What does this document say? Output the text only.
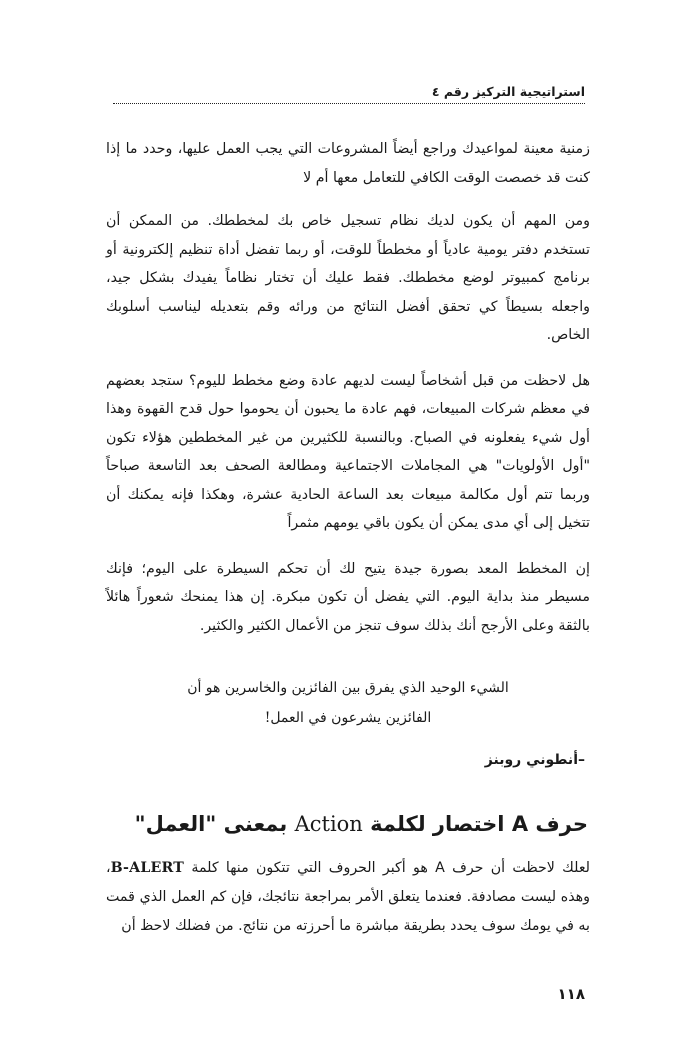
استراتيجية التركيز رقم ٤

زمنية معينة لمواعيدك وراجع أيضاً المشروعات التي يجب العمل عليها، وحدد ما إذا كنت قد خصصت الوقت الكافي للتعامل معها أم لا

ومن المهم أن يكون لديك نظام تسجيل خاص بك لمخططك. من الممكن أن تستخدم دفتر يومية عادياً أو مخططاً للوقت، أو ربما تفضل أداة تنظيم إلكترونية أو برنامج كمبيوتر لوضع مخططك. فقط عليك أن تختار نظاماً يفيدك بشكل جيد، واجعله بسيطاً كي تحقق أفضل النتائج من ورائه وقم بتعديله ليناسب أسلوبك الخاص.

هل لاحظت من قبل أشخاصاً ليست لديهم عادة وضع مخطط لليوم؟ ستجد بعضهم في معظم شركات المبيعات، فهم عادة ما يحبون أن يحوموا حول قدح القهوة وهذا أول شيء يفعلونه في الصباح. وبالنسبة للكثيرين من غير المخططين هؤلاء تكون "أول الأولويات" هي المجاملات الاجتماعية ومطالعة الصحف بعد التاسعة صباحاً وربما تتم أول مكالمة مبيعات بعد الساعة الحادية عشرة، وهكذا فإنه يمكنك أن تتخيل إلى أي مدى يمكن أن يكون باقي يومهم مثمراً

إن المخطط المعد بصورة جيدة يتيح لك أن تحكم السيطرة على اليوم؛ فإنك مسيطر منذ بداية اليوم. التي يفضل أن تكون مبكرة. إن هذا يمنحك شعوراً هائلاً بالثقة وعلى الأرجح أنك بذلك سوف تنجز من الأعمال الكثير والكثير.

الشيء الوحيد الذي يفرق بين الفائزين والخاسرين هو أن
الفائزين يشرعون في العمل!
–أنطوني روبنز
حرف A اختصار لكلمة Action بمعنى "العمل"

لعلك لاحظت أن حرف A هو أكبر الحروف التي تتكون منها كلمة B-ALERT، وهذه ليست مصادفة. فعندما يتعلق الأمر بمراجعة نتائجك، فإن كم العمل الذي قمت به في يومك سوف يحدد بطريقة مباشرة ما أحرزته من نتائج. من فضلك لاحظ أن

١١٨
